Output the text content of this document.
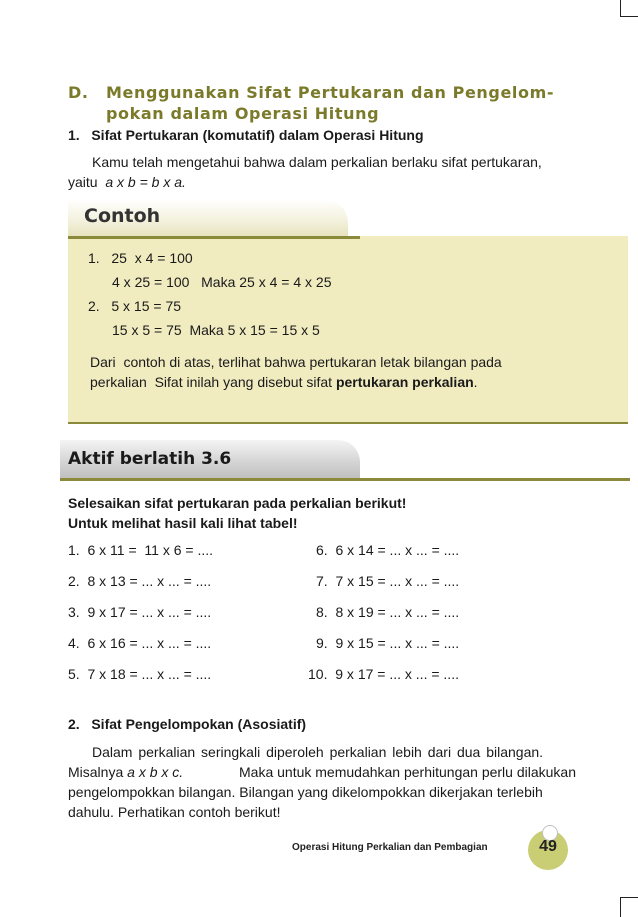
D. Menggunakan Sifat Pertukaran dan Pengelom-
pokan dalam Operasi Hitung
1.   Sifat Pertukaran (komutatif) dalam Operasi Hitung
Kamu telah mengetahui bahwa dalam perkalian berlaku sifat pertukaran,
yaitu a x b = b x a.
Contoh
1. 25  x 4 = 100
4 x 25 = 100   Maka 25 x 4 = 4 x 25
2. 5 x 15 = 75
15 x 5 = 75  Maka 5 x 15 = 15 x 5
Dari  contoh di atas, terlihat bahwa pertukaran letak bilangan pada
perkalian  Sifat inilah yang disebut sifat pertukaran perkalian.
Aktif berlatih 3.6
Selesaikan sifat pertukaran pada perkalian berikut!
Untuk melihat hasil kali lihat tabel!
1. 6 x 11 =  11 x 6 = ....
2. 8 x 13 = ... x ... = ....
3. 9 x 17 = ... x ... = ....
4. 6 x 16 = ... x ... = ....
5. 7 x 18 = ... x ... = ....
6. 6 x 14 = ... x ... = ....
7. 7 x 15 = ... x ... = ....
8. 8 x 19 = ... x ... = ....
9. 9 x 15 = ... x ... = ....
10. 9 x 17 = ... x ... = ....
2.   Sifat Pengelompokan (Asosiatif)
Dalam perkalian seringkali diperoleh perkalian lebih dari dua bilangan.
Misalnya a x b x c.	Maka untuk memudahkan perhitungan perlu dilakukan
pengelompokkan bilangan. Bilangan yang dikelompokkan dikerjakan terlebih
dahulu. Perhatikan contoh berikut!
Operasi Hitung Perkalian dan Pembagian	49
